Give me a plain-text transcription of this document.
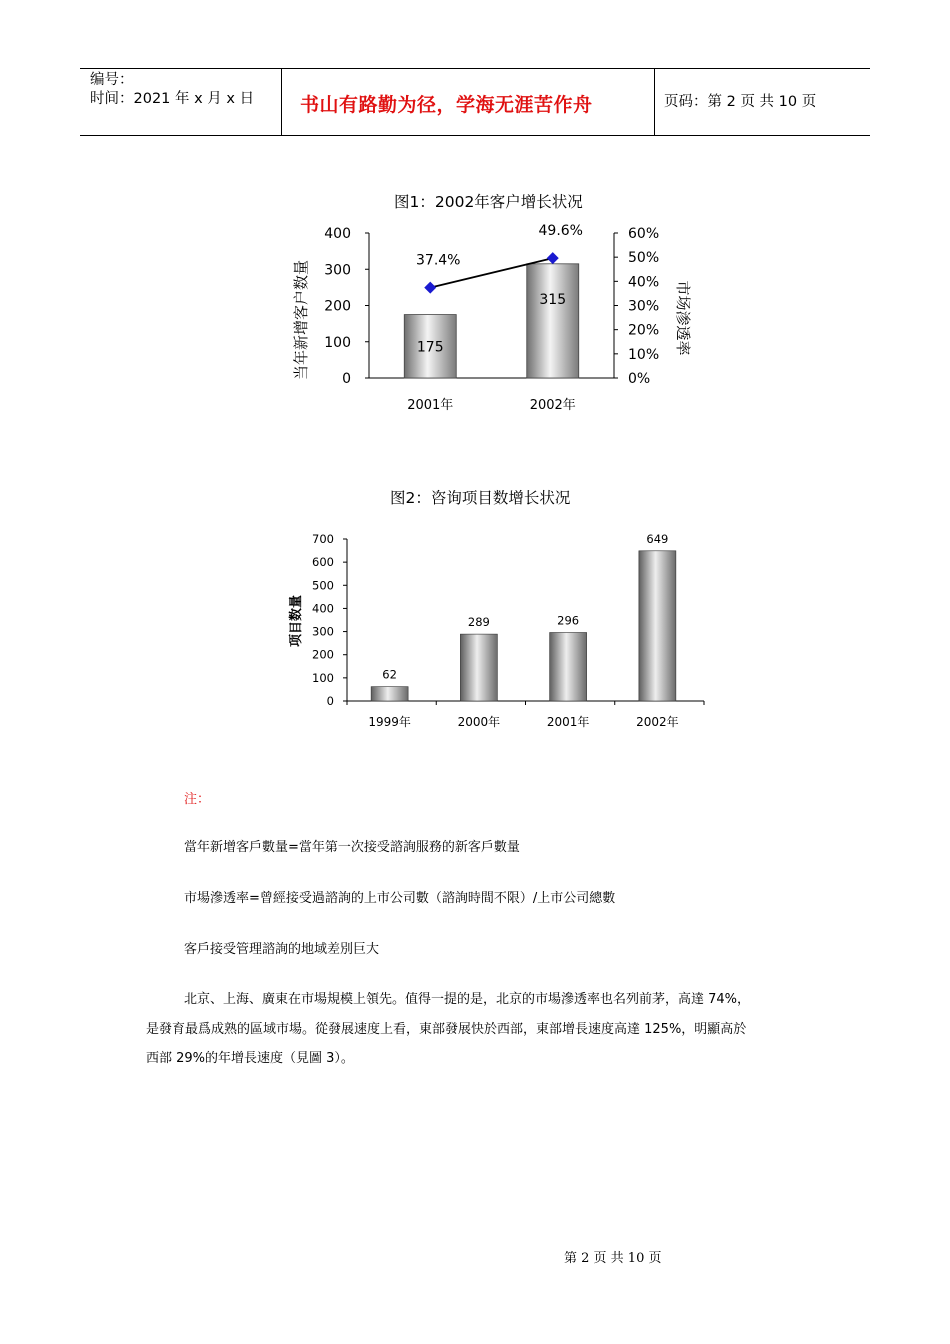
编号：
时间：2021 年 x 月 x 日 书山有路勤为径，学海无涯苦作舟	页码：第 2 页 共 10 页
图1：2002年客户增长状况
0
100
200
300
400
0%
10%
20%
30%
40%
50%
60%
2001年	2002年
175
315
37.4%
49.6%
当年新增客户数量	市场渗透率
图2：咨询项目数增长状况
0
100
200
300
400
500
600
700
1999年	2000年	2001年	2002年
62
289	296
649
项目数量
注：
當年新增客戶數量=當年第一次接受諮詢服務的新客戶數量
市場滲透率=曾經接受過諮詢的上市公司數（諮詢時間不限）/上市公司總數
客戶接受管理諮詢的地域差別巨大
北京、上海、廣東在市場規模上領先。值得一提的是，北京的市場滲透率也名列前茅，高達 74%，
是發育最爲成熟的區域市場。從發展速度上看，東部發展快於西部，東部增長速度高達 125%，明顯高於
西部 29%的年增長速度（見圖 3）。
第 2 页 共 10 页
